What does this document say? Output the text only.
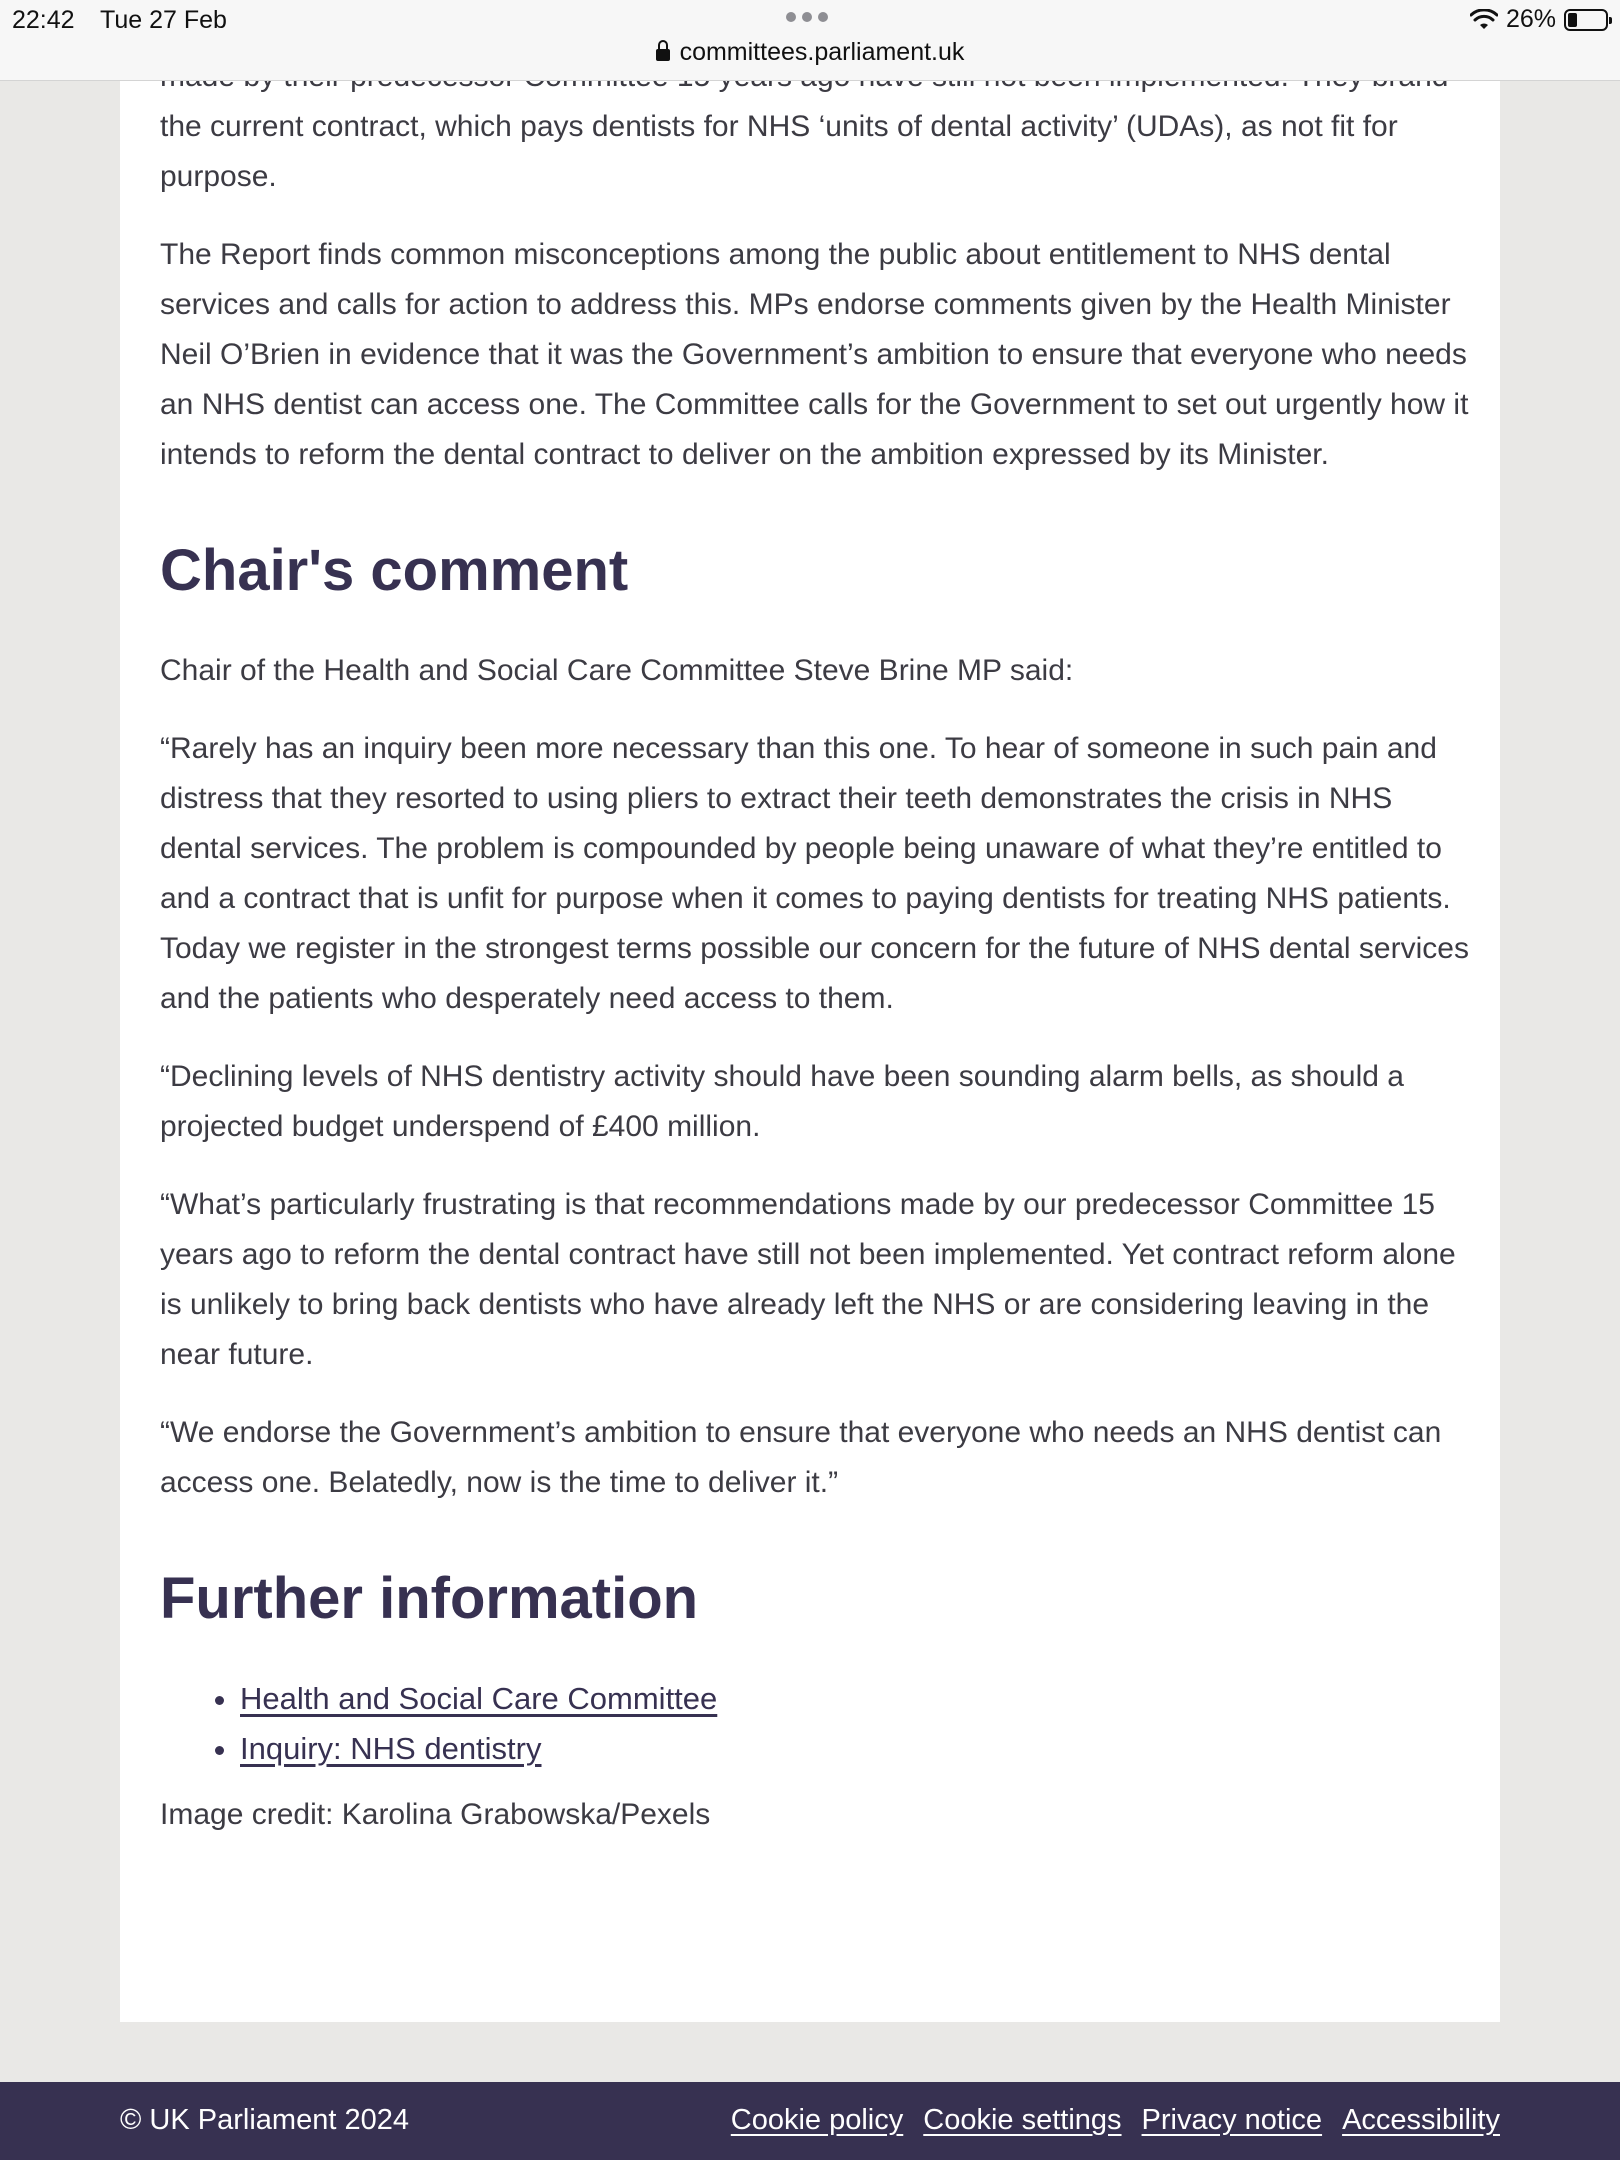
the current contract, which pays dentists for NHS ‘units of dental activity’ (UDAs), as not fit for purpose.

The Report finds common misconceptions among the public about entitlement to NHS dental services and calls for action to address this. MPs endorse comments given by the Health Minister Neil O’Brien in evidence that it was the Government’s ambition to ensure that everyone who needs an NHS dentist can access one. The Committee calls for the Government to set out urgently how it intends to reform the dental contract to deliver on the ambition expressed by its Minister.

Chair's comment

Chair of the Health and Social Care Committee Steve Brine MP said:

“Rarely has an inquiry been more necessary than this one. To hear of someone in such pain and distress that they resorted to using pliers to extract their teeth demonstrates the crisis in NHS dental services. The problem is compounded by people being unaware of what they’re entitled to and a contract that is unfit for purpose when it comes to paying dentists for treating NHS patients. Today we register in the strongest terms possible our concern for the future of NHS dental services and the patients who desperately need access to them.

“Declining levels of NHS dentistry activity should have been sounding alarm bells, as should a projected budget underspend of £400 million.

“What’s particularly frustrating is that recommendations made by our predecessor Committee 15 years ago to reform the dental contract have still not been implemented. Yet contract reform alone is unlikely to bring back dentists who have already left the NHS or are considering leaving in the near future.

“We endorse the Government’s ambition to ensure that everyone who needs an NHS dentist can access one. Belatedly, now is the time to deliver it.”

Further information
• Health and Social Care Committee
• Inquiry: NHS dentistry

Image credit: Karolina Grabowska/Pexels

22:42 Tue 27 Feb
committees.parliament.uk
26%
© UK Parliament 2024	Cookie policy Cookie settings Privacy notice Accessibility
